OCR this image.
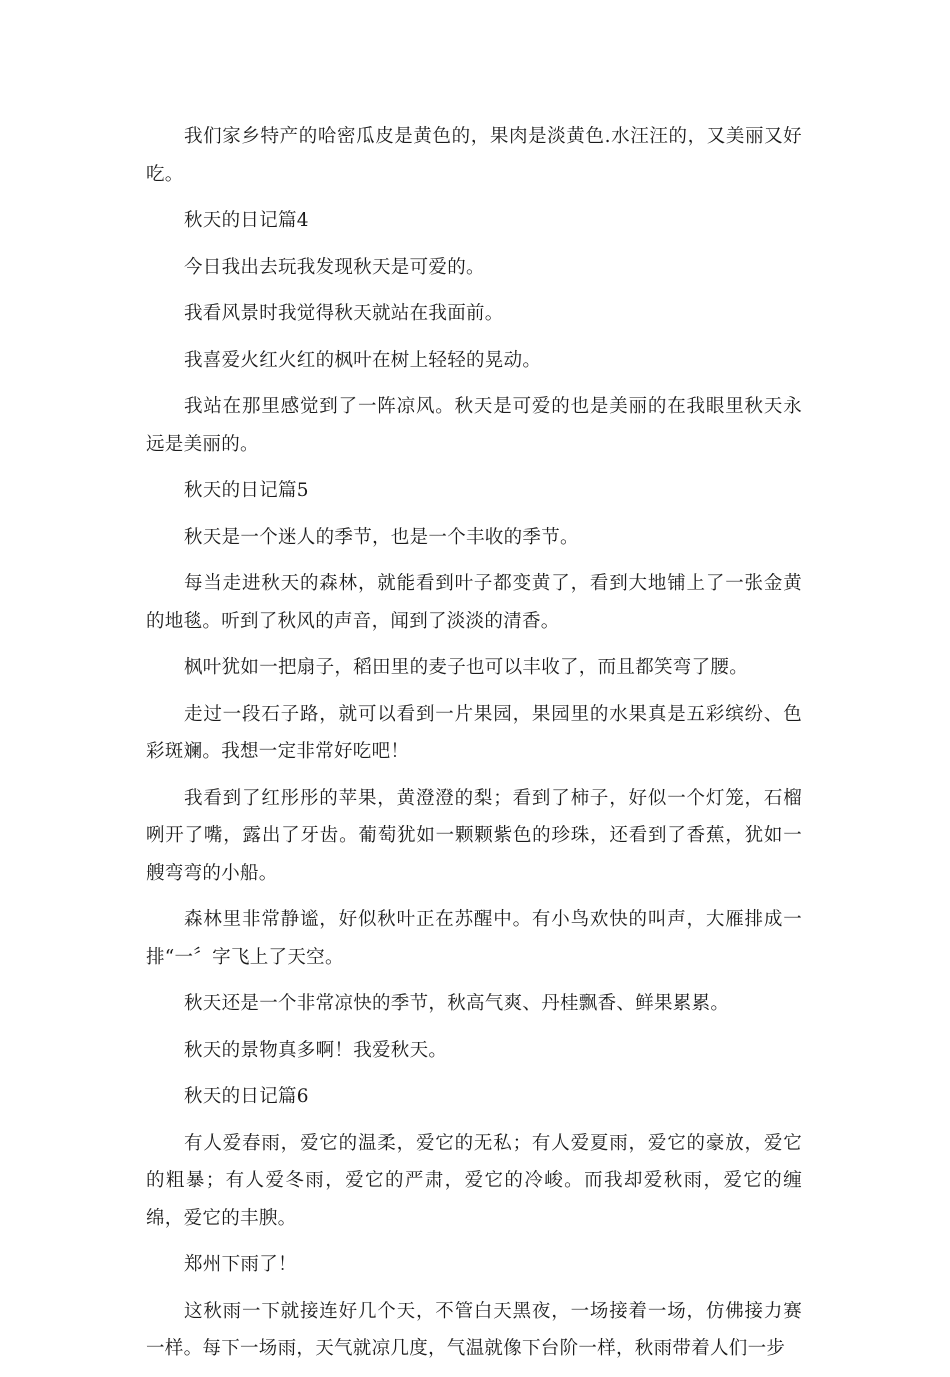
我们家乡特产的哈密瓜皮是黄色的，果肉是淡黄色.水汪汪的，又美丽又好吃。

秋天的日记篇4

今日我出去玩我发现秋天是可爱的。

我看风景时我觉得秋天就站在我面前。

我喜爱火红火红的枫叶在树上轻轻的晃动。

我站在那里感觉到了一阵凉风。秋天是可爱的也是美丽的在我眼里秋天永远是美丽的。

秋天的日记篇5

秋天是一个迷人的季节，也是一个丰收的季节。

每当走进秋天的森林，就能看到叶子都变黄了，看到大地铺上了一张金黄的地毯。听到了秋风的声音，闻到了淡淡的清香。

枫叶犹如一把扇子，稻田里的麦子也可以丰收了，而且都笑弯了腰。

走过一段石子路，就可以看到一片果园，果园里的水果真是五彩缤纷、色彩斑斓。我想一定非常好吃吧！

我看到了红彤彤的苹果，黄澄澄的梨；看到了柿子，好似一个灯笼，石榴咧开了嘴，露出了牙齿。葡萄犹如一颗颗紫色的珍珠，还看到了香蕉，犹如一艘弯弯的小船。

森林里非常静谧，好似秋叶正在苏醒中。有小鸟欢快的叫声，大雁排成一排“一〞字飞上了天空。

秋天还是一个非常凉快的季节，秋高气爽、丹桂飘香、鲜果累累。

秋天的景物真多啊！我爱秋天。

秋天的日记篇6

有人爱春雨，爱它的温柔，爱它的无私；有人爱夏雨，爱它的豪放，爱它的粗暴；有人爱冬雨，爱它的严肃，爱它的冷峻。而我却爱秋雨，爱它的缠绵，爱它的丰腴。

郑州下雨了！

这秋雨一下就接连好几个天，不管白天黑夜，一场接着一场，仿佛接力赛一样。每下一场雨，天气就凉几度，气温就像下台阶一样，秋雨带着人们一步
